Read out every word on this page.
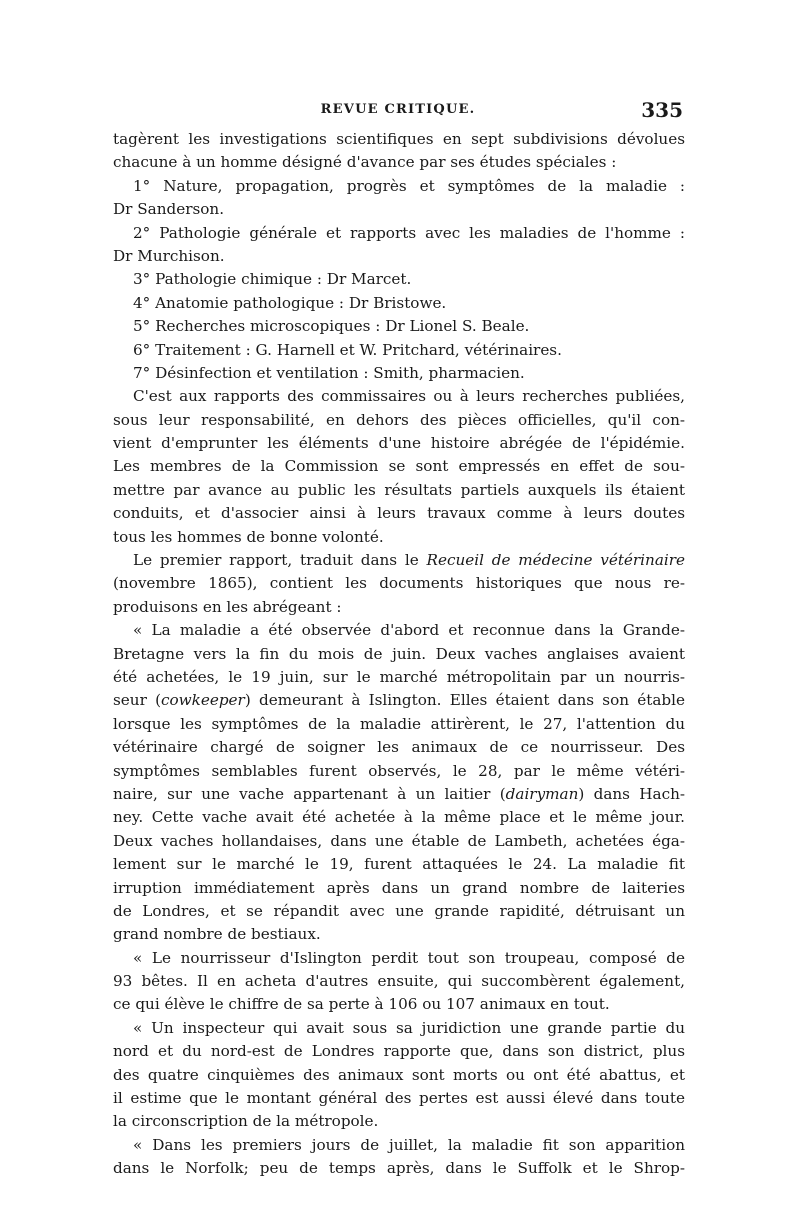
REVUE CRITIQUE.	335
tagèrent les investigations scientifiques en sept subdivisions dévolues
chacune à un homme désigné d'avance par ses études spéciales :
1° Nature, propagation, progrès et symptômes de la maladie :
Dr Sanderson.
2° Pathologie générale et rapports avec les maladies de l'homme :
Dr Murchison.
3° Pathologie chimique : Dr Marcet.
4° Anatomie pathologique : Dr Bristowe.
5° Recherches microscopiques : Dr Lionel S. Beale.
6° Traitement : G. Harnell et W. Pritchard, vétérinaires.
7° Désinfection et ventilation : Smith, pharmacien.
C'est aux rapports des commissaires ou à leurs recherches publiées,
sous leur responsabilité, en dehors des pièces officielles, qu'il con-
vient d'emprunter les éléments d'une histoire abrégée de l'épidémie.
Les membres de la Commission se sont empressés en effet de sou-
mettre par avance au public les résultats partiels auxquels ils étaient
conduits, et d'associer ainsi à leurs travaux comme à leurs doutes
tous les hommes de bonne volonté.
Le premier rapport, traduit dans le Recueil de médecine vétérinaire
(novembre 1865), contient les documents historiques que nous re-
produisons en les abrégeant :
« La maladie a été observée d'abord et reconnue dans la Grande-
Bretagne vers la fin du mois de juin. Deux vaches anglaises avaient
été achetées, le 19 juin, sur le marché métropolitain par un nourris-
seur (cowkeeper) demeurant à Islington. Elles étaient dans son étable
lorsque les symptômes de la maladie attirèrent, le 27, l'attention du
vétérinaire chargé de soigner les animaux de ce nourrisseur. Des
symptômes semblables furent observés, le 28, par le même vétéri-
naire, sur une vache appartenant à un laitier (dairyman) dans Hach-
ney. Cette vache avait été achetée à la même place et le même jour.
Deux vaches hollandaises, dans une étable de Lambeth, achetées éga-
lement sur le marché le 19, furent attaquées le 24. La maladie fit
irruption immédiatement après dans un grand nombre de laiteries
de Londres, et se répandit avec une grande rapidité, détruisant un
grand nombre de bestiaux.
« Le nourrisseur d'Islington perdit tout son troupeau, composé de
93 bêtes. Il en acheta d'autres ensuite, qui succombèrent également,
ce qui élève le chiffre de sa perte à 106 ou 107 animaux en tout.
« Un inspecteur qui avait sous sa juridiction une grande partie du
nord et du nord-est de Londres rapporte que, dans son district, plus
des quatre cinquièmes des animaux sont morts ou ont été abattus, et
il estime que le montant général des pertes est aussi élevé dans toute
la circonscription de la métropole.
« Dans les premiers jours de juillet, la maladie fit son apparition
dans le Norfolk; peu de temps après, dans le Suffolk et le Shrop-
